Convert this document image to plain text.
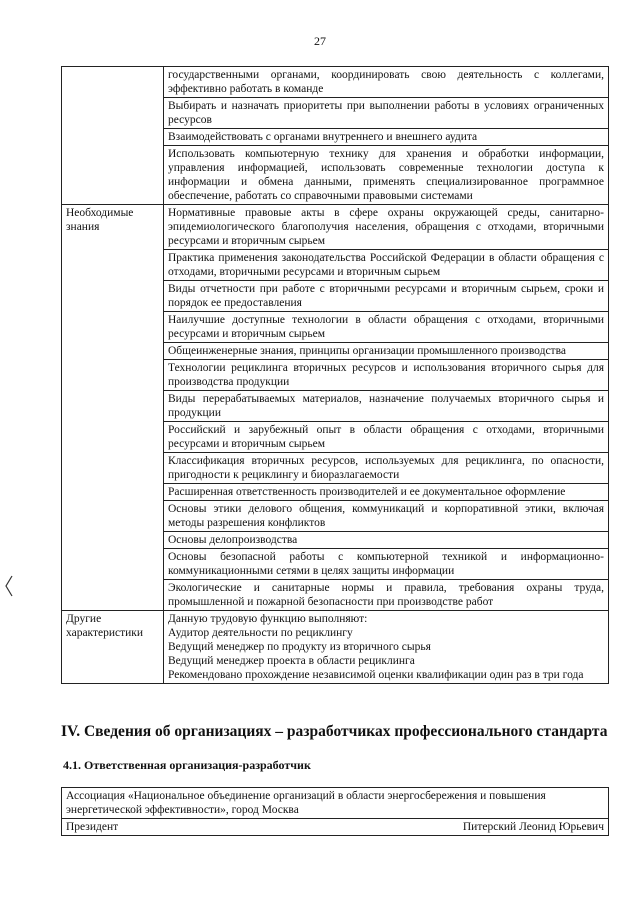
27
	государственными органами, координировать свою деятельность с коллегами, эффективно работать в команде
	Выбирать и назначать приоритеты при выполнении работы в условиях ограниченных ресурсов
	Взаимодействовать с органами внутреннего и внешнего аудита
	Использовать компьютерную технику для хранения и обработки информации, управления информацией, использовать современные технологии доступа к информации и обмена данными, применять специализированное программное обеспечение, работать со справочными правовыми системами
Необходимые знания	Нормативные правовые акты в сфере охраны окружающей среды, санитарно-эпидемиологического благополучия населения, обращения с отходами, вторичными ресурсами и вторичным сырьем
	Практика применения законодательства Российской Федерации в области обращения с отходами, вторичными ресурсами и вторичным сырьем
	Виды отчетности при работе с вторичными ресурсами и вторичным сырьем, сроки и порядок ее предоставления
	Наилучшие доступные технологии в области обращения с отходами, вторичными ресурсами и вторичным сырьем
	Общеинженерные знания, принципы организации промышленного производства
	Технологии рециклинга вторичных ресурсов и использования вторичного сырья для производства продукции
	Виды перерабатываемых материалов, назначение получаемых вторичного сырья и продукции
	Российский и зарубежный опыт в области обращения с отходами, вторичными ресурсами и вторичным сырьем
	Классификация вторичных ресурсов, используемых для рециклинга, по опасности, пригодности к рециклингу и биоразлагаемости
	Расширенная ответственность производителей и ее документальное оформление
	Основы этики делового общения, коммуникаций и корпоративной этики, включая методы разрешения конфликтов
	Основы делопроизводства
	Основы безопасной работы с компьютерной техникой и информационно-коммуникационными сетями в целях защиты информации
	Экологические и санитарные нормы и правила, требования охраны труда, промышленной и пожарной безопасности при производстве работ
Другие характеристики	Данную трудовую функцию выполняют:
Аудитор деятельности по рециклингу
Ведущий менеджер по продукту из вторичного сырья
Ведущий менеджер проекта в области рециклинга
Рекомендовано прохождение независимой оценки квалификации один раз в три года
IV. Сведения об организациях – разработчиках профессионального стандарта
4.1. Ответственная организация-разработчик
Ассоциация «Национальное объединение организаций в области энергосбережения и повышения энергетической эффективности», город Москва

Президент	Питерский Леонид Юрьевич
